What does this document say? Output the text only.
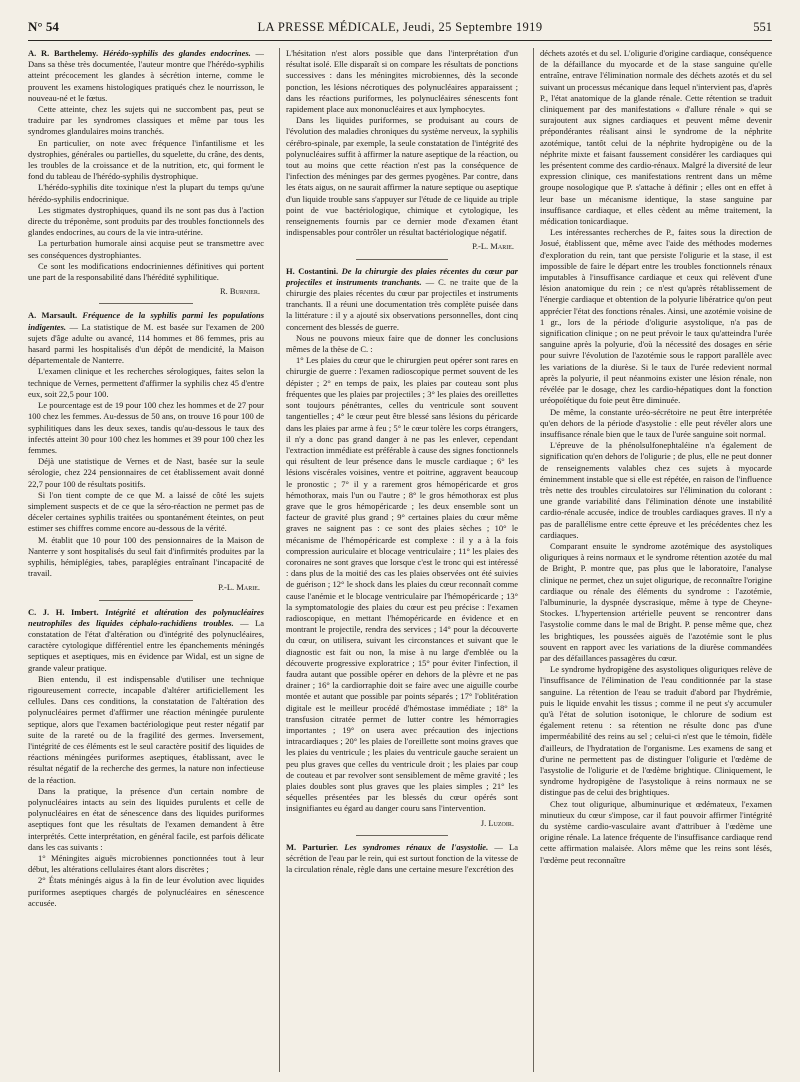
N° 54	LA PRESSE MÉDICALE, Jeudi, 25 Septembre 1919	551

A. R. Barthelemy. Hérédo-syphilis des glandes endocrines. — Dans sa thèse très documentée, l'auteur montre que l'hérédo-syphilis atteint précocement les glandes à sécrétion interne, comme le prouvent les examens histologiques pratiqués chez le nourrisson, le nouveau-né et le fœtus.

Cette atteinte, chez les sujets qui ne succombent pas, peut se traduire par les syndromes classiques et même par tous les syndromes glandulaires moins tranchés.

En particulier, on note avec fréquence l'infantilisme et les dystrophies, générales ou partielles, du squelette, du crâne, des dents, les troubles de la croissance et de la nutrition, etc, qui forment le fond du tableau de l'hérédo-syphilis dystrophique.

L'hérédo-syphilis dite toxinique n'est la plupart du temps qu'une hérédo-syphilis endocrinique.

Les stigmates dystrophiques, quand ils ne sont pas dus à l'action directe du tréponème, sont produits par des troubles fonctionnels des glandes endocrines, au cours de la vie intra-utérine.

La perturbation humorale ainsi acquise peut se transmettre avec ses conséquences dystrophiantes.

Ce sont les modifications endocriniennes définitives qui portent une part de la responsabilité dans l'hérédité syphilitique.

R. Burnier.

A. Marsault. Fréquence de la syphilis parmi les populations indigentes. — La statistique de M. est basée sur l'examen de 200 sujets d'âge adulte ou avancé, 114 hommes et 86 femmes, pris au hasard parmi les hospitalisés d'un dépôt de mendicité, la Maison départementale de Nanterre.

L'examen clinique et les recherches sérologiques, faites selon la technique de Vernes, permettent d'affirmer la syphilis chez 45 d'entre eux, soit 22,5 pour 100.

Le pourcentage est de 19 pour 100 chez les hommes et de 27 pour 100 chez les femmes. Au-dessus de 50 ans, on trouve 16 pour 100 de syphilitiques dans les deux sexes, tandis qu'au-dessous le taux des infectés atteint 30 pour 100 chez les hommes et 39 pour 100 chez les femmes.

Déjà une statistique de Vernes et de Nast, basée sur la seule sérologie, chez 224 pensionnaires de cet établissement avait donné 22,7 pour 100 de résultats positifs.

Si l'on tient compte de ce que M. a laissé de côté les sujets simplement suspects et de ce que la séro-réaction ne permet pas de déceler certaines syphilis traitées ou spontanément éteintes, on peut estimer ses chiffres comme encore au-dessous de la vérité.

M. établit que 10 pour 100 des pensionnaires de la Maison de Nanterre y sont hospitalisés du seul fait d'infirmités produites par la syphilis, hémiplégies, tabes, paraplégies entraînant l'incapacité de travail.

P.-L. Marie.

C. J. H. Imbert. Intégrité et altération des polynucléaires neutrophiles des liquides céphalo-rachidiens troubles. — La constatation de l'état d'altération ou d'intégrité des polynucléaires, caractère cytologique différentiel entre les épanchements méningés septiques et aseptiques, mis en évidence par Widal, est un signe de grande valeur pratique.

Bien entendu, il est indispensable d'utiliser une technique rigoureusement correcte, incapable d'altérer artificiellement les cellules. Dans ces conditions, la constatation de l'altération des polynucléaires permet d'affirmer une réaction méningée purulente septique, alors que l'examen bactériologique peut rester négatif par suite de la rareté ou de la fragilité des germes. Inversement, l'intégrité de ces éléments est le seul caractère positif des liquides de réactions méningées puriformes aseptiques, établissant, avec le résultat négatif de la recherche des germes, la nature non infectieuse de la réaction.

Dans la pratique, la présence d'un certain nombre de polynucléaires intacts au sein des liquides purulents et celle de polynucléaires en état de sénescence dans des liquides puriformes aseptiques font que les résultats de l'examen demandent à être interprétés. Cette interprétation, en général facile, est parfois délicate dans les cas suivants :

1° Méningites aiguës microbiennes ponctionnées tout à leur début, les altérations cellulaires étant alors discrètes ;

2° États méningés aigus à la fin de leur évolution avec liquides puriformes aseptiques chargés de polynucléaires en sénescence accusée.

L'hésitation n'est alors possible que dans l'interprétation d'un résultat isolé. Elle disparaît si on compare les résultats de ponctions successives : dans les méningites microbiennes, dès la seconde ponction, les lésions nécrotiques des polynucléaires apparaissent ; dans les réactions puriformes, les polynucléaires sénescents font rapidement place aux mononucléaires et aux lymphocytes.

Dans les liquides puriformes, se produisant au cours de l'évolution des maladies chroniques du système nerveux, la syphilis cérébro-spinale, par exemple, la seule constatation de l'intégrité des polynucléaires suffit à affirmer la nature aseptique de la réaction, ou tout au moins que cette réaction n'est pas la conséquence de l'infection des méninges par des germes pyogènes. Par contre, dans les états aigus, on ne saurait affirmer la nature septique ou aseptique d'un liquide trouble sans s'appuyer sur l'étude de ce liquide au triple point de vue bactériologique, chimique et cytologique, les renseignements fournis par ce dernier mode d'examen étant indispensables pour contrôler un résultat bactériologique négatif.

P.-L. Marie.

H. Costantini. De la chirurgie des plaies récentes du cœur par projectiles et instruments tranchants. — C. ne traite que de la chirurgie des plaies récentes du cœur par projectiles et instruments tranchants. Il a réuni une documentation très complète puisée dans la littérature : il y a ajouté six observations personnelles, dont cinq concernent des blessés de guerre.

Nous ne pouvons mieux faire que de donner les conclusions mêmes de la thèse de C. :

1° Les plaies du cœur que le chirurgien peut opérer sont rares en chirurgie de guerre : l'examen radioscopique permet souvent de les dépister ; 2° en temps de paix, les plaies par couteau sont plus fréquentes que les plaies par projectiles ; 3° les plaies des oreillettes sont toujours pénétrantes, celles du ventricule sont souvent tangentielles ; 4° le cœur peut être blessé sans lésions du péricarde dans les plaies par arme à feu ; 5° le cœur tolère les corps étrangers, il n'y a donc pas grand danger à ne pas les enlever, cependant l'extraction immédiate est préférable à cause des signes fonctionnels qui résultent de leur présence dans le muscle cardiaque ; 6° les lésions viscérales voisines, ventre et poitrine, aggravent beaucoup le pronostic ; 7° il y a rarement gros hémopéricarde et gros hémothorax, mais l'un ou l'autre ; 8° le gros hémothorax est plus grave que le gros hémopéricarde ; les deux ensemble sont un facteur de gravité plus grand ; 9° certaines plaies du cœur même graves ne saignent pas : ce sont des plaies sèches ; 10° le mécanisme de l'hémopéricarde est complexe : il y a à la fois compression auriculaire et blocage ventriculaire ; 11° les plaies des coronaires ne sont graves que lorsque c'est le tronc qui est intéressé : dans plus de la moitié des cas les plaies observées ont été suivies de guérison ; 12° le shock dans les plaies du cœur reconnaît comme cause l'anémie et le blocage ventriculaire par l'hémopéricarde ; 13° la symptomatologie des plaies du cœur est peu précise : l'examen radioscopique, en mettant l'hémopéricarde en évidence et en montrant le projectile, rendra des services ; 14° pour la découverte du cœur, on utilisera, suivant les circonstances et suivant que le diagnostic est fait ou non, la mise à nu large d'emblée ou la découverte progressive exploratrice ; 15° pour éviter l'infection, il faudra autant que possible opérer en dehors de la plèvre et ne pas drainer ; 16° la cardiorraphie doit se faire avec une aiguille courbe montée et autant que possible par points séparés ; 17° l'oblitération digitale est le meilleur procédé d'hémostase immédiate ; 18° la transfusion citratée permet de lutter contre les hémorragies importantes ; 19° on usera avec précaution des injections intracardiaques ; 20° les plaies de l'oreillette sont moins graves que les plaies du ventricule ; les plaies du ventricule gauche seraient un peu plus graves que celles du ventricule droit ; les plaies par coup de couteau et par revolver sont sensiblement de même gravité ; les plaies doubles sont plus graves que les plaies simples ; 21° les séquelles présentées par les blessés du cœur opérés sont insignifiantes eu égard au danger couru sans l'intervention.

J. Luzoir.

M. Parturier. Les syndromes rénaux de l'asystolie. — La sécrétion de l'eau par le rein, qui est surtout fonction de la vitesse de la circulation rénale, règle dans une certaine mesure l'excrétion des

déchets azotés et du sel. L'oligurie d'origine cardiaque, conséquence de la défaillance du myocarde et de la stase sanguine qu'elle entraîne, entrave l'élimination normale des déchets azotés et du sel suivant un processus mécanique dans lequel n'intervient pas, d'après P., l'état anatomique de la glande rénale. Cette rétention se traduit cliniquement par des manifestations « d'allure rénale » qui se surajoutent aux signes cardiaques et peuvent même devenir prépondérantes réalisant ainsi le syndrome de la néphrite azotémique, tantôt celui de la néphrite hydropigène ou de la néphrite mixte et faisant faussement considérer les cardiaques qui les présentent comme des cardio-rénaux. Malgré la diversité de leur expression clinique, ces manifestations rentrent dans un même groupe nosologique que P. s'attache à définir ; elles ont en effet à leur base un mécanisme identique, la stase sanguine par insuffisance cardiaque, et elles cèdent au même traitement, la médication tonicardiaque.

Les intéressantes recherches de P., faites sous la direction de Josué, établissent que, même avec l'aide des méthodes modernes d'exploration du rein, tant que persiste l'oligurie et la stase, il est impossible de faire le départ entre les troubles fonctionnels rénaux imputables à l'insuffisance cardiaque et ceux qui relèvent d'une lésion anatomique du rein ; ce n'est qu'après rétablissement de l'énergie cardiaque et obtention de la polyurie libératrice qu'on peut apprécier l'état des fonctions rénales. Ainsi, une azotémie voisine de 1 gr., lors de la période d'oligurie asystolique, n'a pas de signification clinique ; on ne peut prévoir le taux qu'atteindra l'urée sanguine après la polyurie, d'où la nécessité des dosages en série pour suivre l'évolution de l'azotémie sous le rapport parallèle avec les variations de la diurèse. Si le taux de l'urée redevient normal après la polyurie, il peut néanmoins exister une lésion rénale, non révélée par le dosage, chez les cardio-hépatiques dont la fonction uréopoïétique du foie peut être diminuée.

De même, la constante uréo-sécrétoire ne peut être interprétée qu'en dehors de la période d'asystolie : elle peut révéler alors une insuffisance rénale bien que le taux de l'urée sanguine soit normal.

L'épreuve de la phénolsulfonephtaléine n'a également de signification qu'en dehors de l'oligurie ; de plus, elle ne peut donner de renseignements valables chez ces sujets à myocarde éminemment instable que si elle est répétée, en raison de l'influence très nette des troubles circulatoires sur l'élimination du colorant : une grande variabilité dans l'élimination dénote une instabilité cardio-rénale accusée, indice de troubles cardiaques graves. Il n'y a pas de parallélisme entre cette épreuve et les précédentes chez les cardiaques.

Comparant ensuite le syndrome azotémique des asystoliques oliguriques à reins normaux et le syndrome rétention azotée du mal de Bright, P. montre que, pas plus que le laboratoire, l'analyse clinique ne permet, chez un sujet oligurique, de reconnaître l'origine cardiaque ou rénale des éléments du syndrome : l'azotémie, l'albuminurie, la dyspnée dyscrasique, même à type de Cheyne-Stockes. L'hypertension artérielle peuvent se rencontrer dans l'asystolie comme dans le mal de Bright. P. pense même que, chez les brightiques, les poussées aiguës de l'azotémie sont le plus souvent en rapport avec les variations de la diurèse commandées par des défaillances passagères du cœur.

Le syndrome hydropigène des asystoliques oliguriques relève de l'insuffisance de l'élimination de l'eau conditionnée par la stase sanguine. La rétention de l'eau se traduit d'abord par l'hydrémie, puis le liquide envahit les tissus ; comme il ne peut s'y accumuler qu'à l'état de solution isotonique, le chlorure de sodium est également retenu : sa rétention ne résulte donc pas d'une imperméabilité des reins au sel ; celui-ci n'est que le témoin, fidèle d'ailleurs, de l'hydratation de l'organisme. Les examens de sang et d'urine ne permettent pas de distinguer l'oligurie et l'œdème de l'asystolie de l'oligurie et de l'œdème brightique. Cliniquement, le syndrome hydropigène de l'asystolique à reins normaux ne se distingue pas de celui des brightiques.

Chez tout oligurique, albuminurique et œdémateux, l'examen minutieux du cœur s'impose, car il faut pouvoir affirmer l'intégrité du système cardio-vasculaire avant d'attribuer à l'œdème une origine rénale. La latence fréquente de l'insuffisance cardiaque rend cette affirmation malaisée. Alors même que les reins sont lésés, l'œdème peut reconnaître
